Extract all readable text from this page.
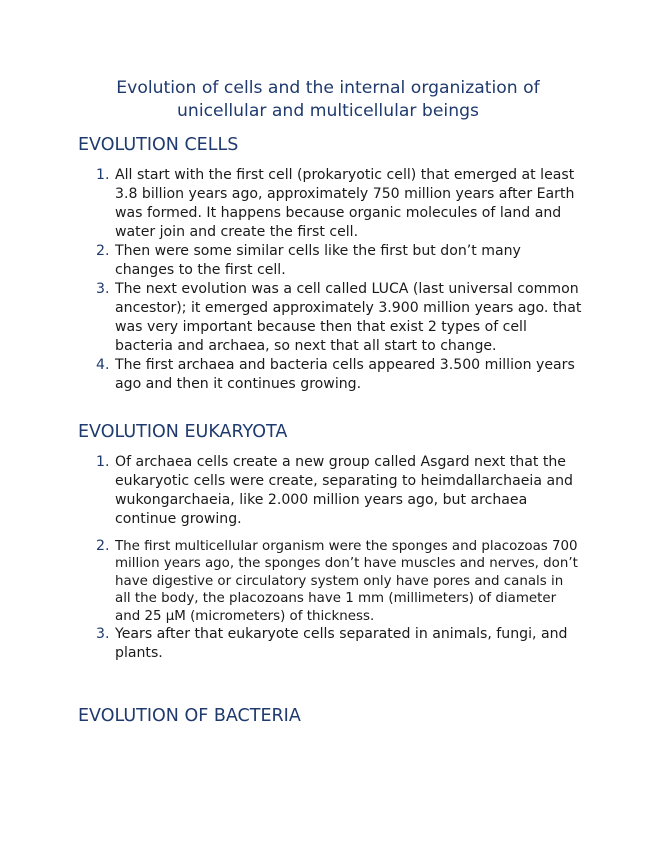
Evolution of cells and the internal organization of unicellular and multicellular beings
EVOLUTION CELLS
1. All start with the first cell (prokaryotic cell) that emerged at least 3.8 billion years ago, approximately 750 million years after Earth was formed. It happens because organic molecules of land and water join and create the first cell.
2. Then were some similar cells like the first but don’t many changes to the first cell.
3. The next evolution was a cell called LUCA (last universal common ancestor); it emerged approximately 3.900 million years ago. that was very important because then that exist 2 types of cell bacteria and archaea, so next that all start to change.
4. The first archaea and bacteria cells appeared 3.500 million years ago and then it continues growing.
EVOLUTION EUKARYOTA
1. Of archaea cells create a new group called Asgard next that the eukaryotic cells were create, separating to heimdallarchaeia and wukongarchaeia, like 2.000 million years ago, but archaea continue growing.
2. The first multicellular organism were the sponges and placozoas 700 million years ago, the sponges don’t have muscles and nerves, don’t have digestive or circulatory system only have pores and canals in all the body, the placozoans have 1 mm (millimeters) of diameter and 25 µM (micrometers) of thickness.
3. Years after that eukaryote cells separated in animals, fungi, and plants.
EVOLUTION OF BACTERIA
